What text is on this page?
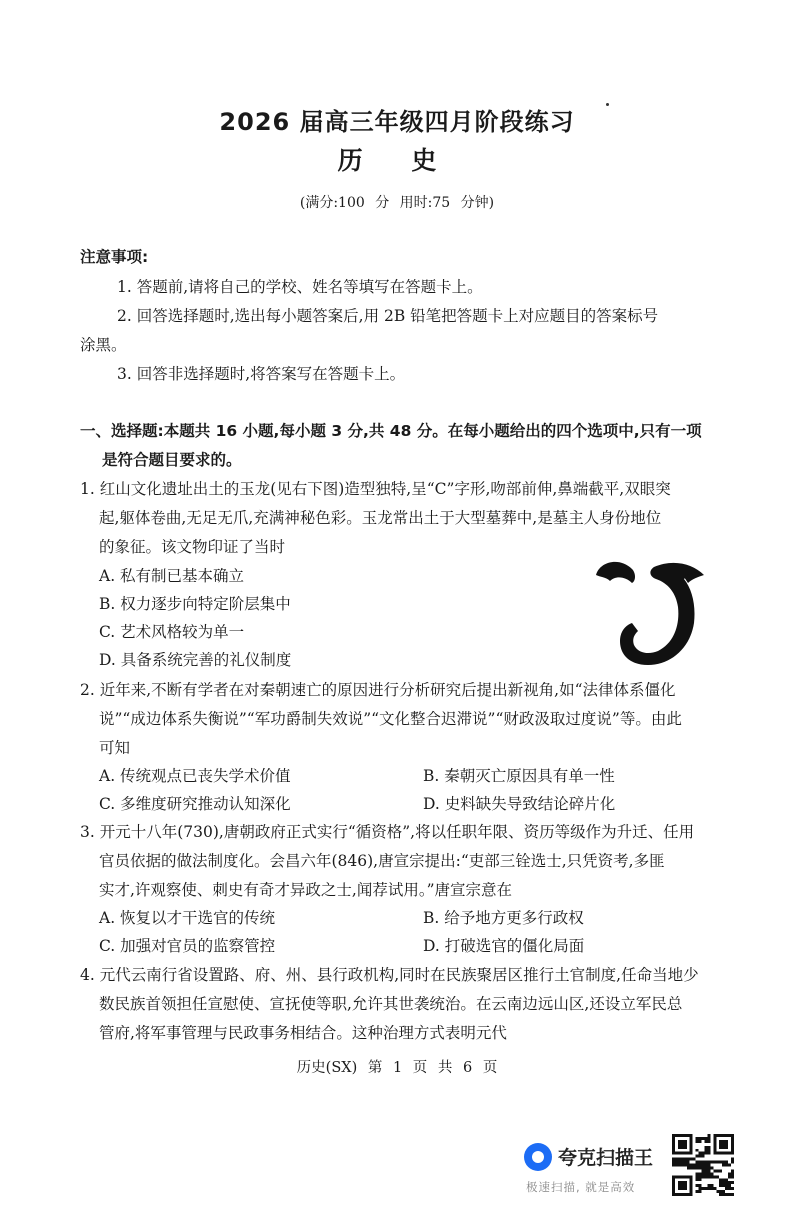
2026 届高三年级四月阶段练习
历 史
(满分:100 分 用时:75 分钟)
注意事项:
1. 答题前,请将自己的学校、姓名等填写在答题卡上。
2. 回答选择题时,选出每小题答案后,用 2B 铅笔把答题卡上对应题目的答案标号
涂黑。
3. 回答非选择题时,将答案写在答题卡上。
一、选择题:本题共 16 小题,每小题 3 分,共 48 分。在每小题给出的四个选项中,只有一项
是符合题目要求的。
1. 红山文化遗址出土的玉龙(见右下图)造型独特,呈“C”字形,吻部前伸,鼻端截平,双眼突
起,躯体卷曲,无足无爪,充满神秘色彩。玉龙常出土于大型墓葬中,是墓主人身份地位
的象征。该文物印证了当时
A. 私有制已基本确立
B. 权力逐步向特定阶层集中
C. 艺术风格较为单一
D. 具备系统完善的礼仪制度
2. 近年来,不断有学者在对秦朝速亡的原因进行分析研究后提出新视角,如“法律体系僵化
说”“成边体系失衡说”“军功爵制失效说”“文化整合迟滞说”“财政汲取过度说”等。由此
可知
A. 传统观点已丧失学术价值	B. 秦朝灭亡原因具有单一性
C. 多维度研究推动认知深化	D. 史料缺失导致结论碎片化
3. 开元十八年(730),唐朝政府正式实行“循资格”,将以任职年限、资历等级作为升迁、任用
官员依据的做法制度化。会昌六年(846),唐宣宗提出:“吏部三铨选士,只凭资考,多匪
实才,许观察使、刺史有奇才异政之士,闻荐试用。”唐宣宗意在
A. 恢复以才干选官的传统	B. 给予地方更多行政权
C. 加强对官员的监察管控	D. 打破选官的僵化局面
4. 元代云南行省设置路、府、州、县行政机构,同时在民族聚居区推行土官制度,任命当地少
数民族首领担任宣慰使、宣抚使等职,允许其世袭统治。在云南边远山区,还设立军民总
管府,将军事管理与民政事务相结合。这种治理方式表明元代
历史(SX) 第 1 页 共 6 页
夸克扫描王
极速扫描, 就是高效
